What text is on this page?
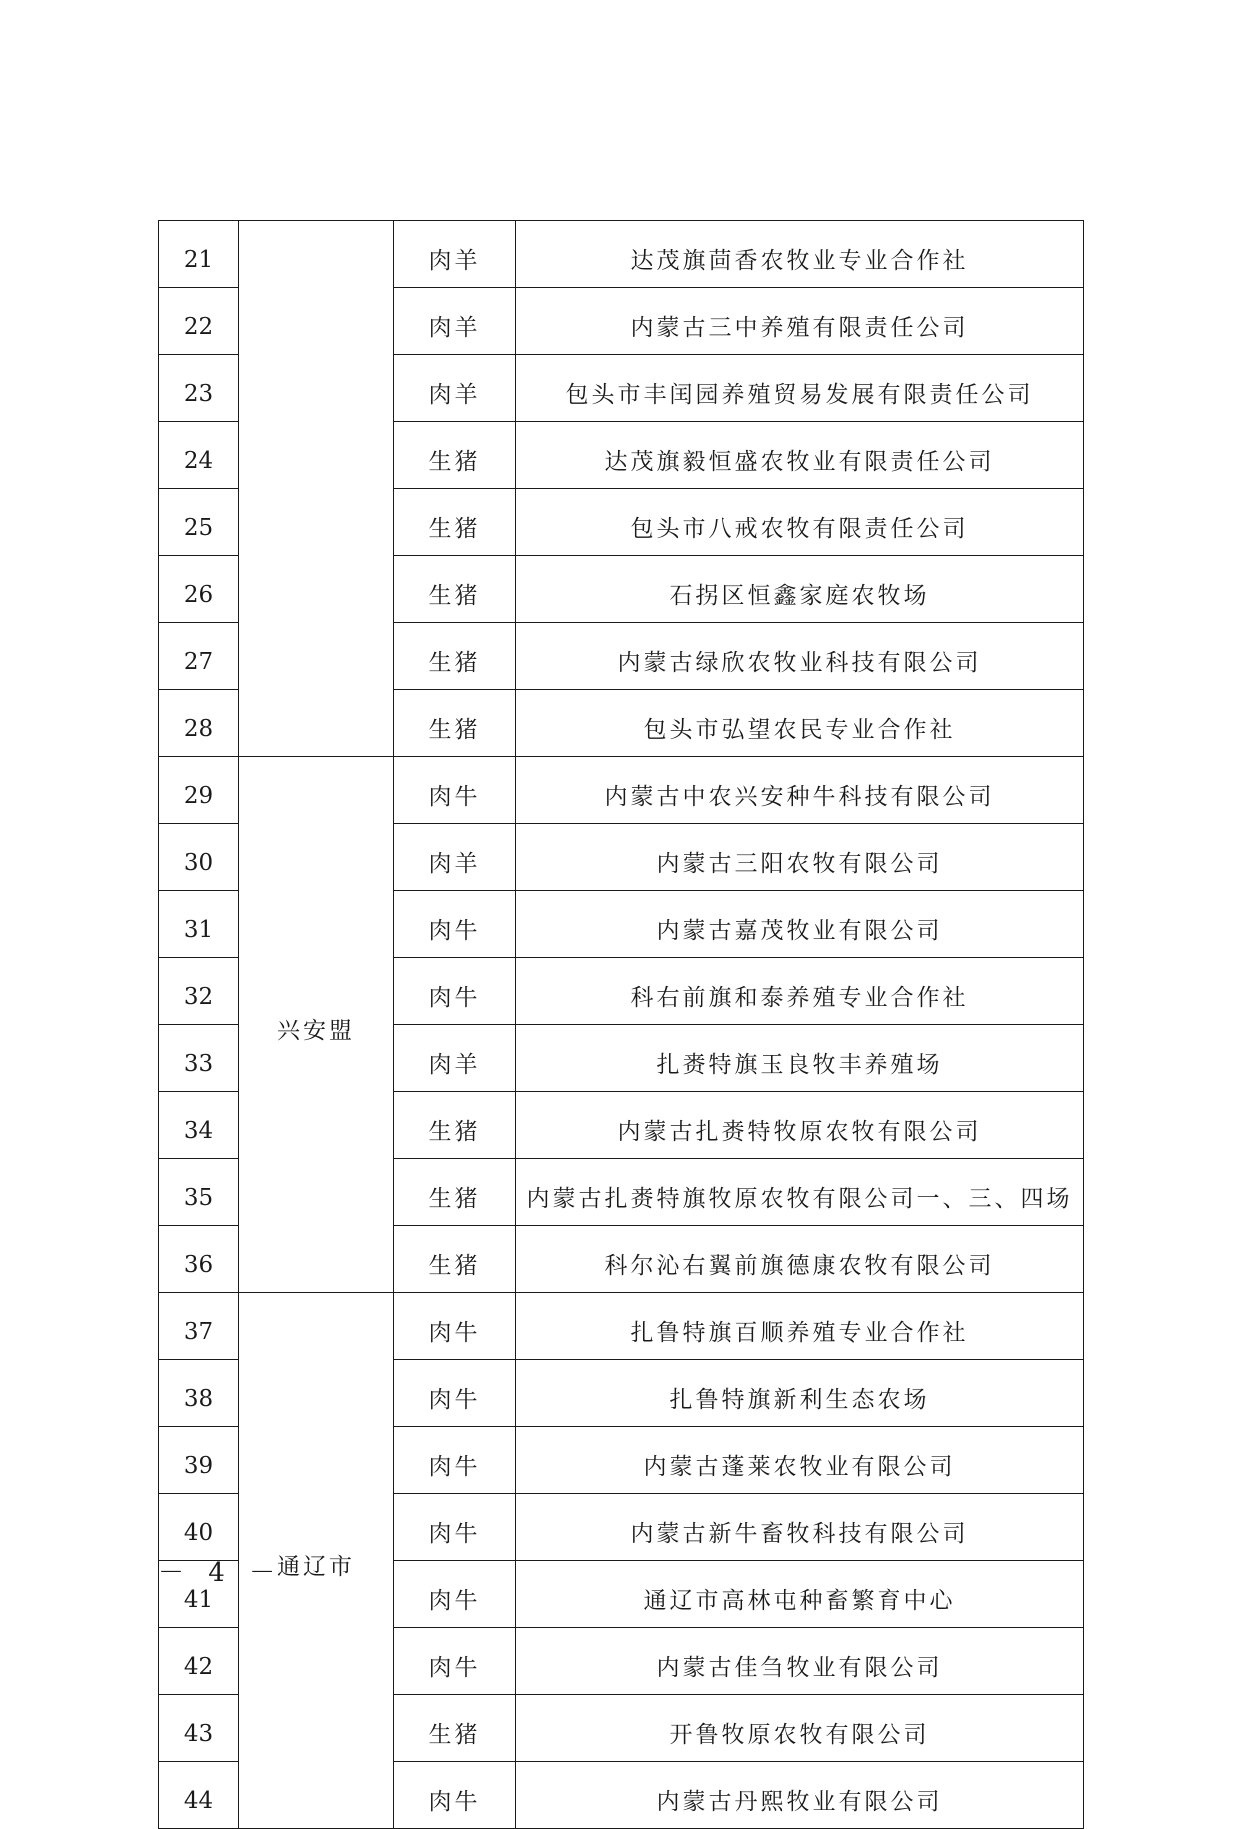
21		肉羊	达茂旗茴香农牧业专业合作社
22		肉羊	内蒙古三中养殖有限责任公司
23		肉羊	包头市丰闰园养殖贸易发展有限责任公司
24		生猪	达茂旗毅恒盛农牧业有限责任公司
25		生猪	包头市八戒农牧有限责任公司
26		生猪	石拐区恒鑫家庭农牧场
27		生猪	内蒙古绿欣农牧业科技有限公司
28		生猪	包头市弘望农民专业合作社
29	兴安盟	肉牛	内蒙古中农兴安种牛科技有限公司
30		肉羊	内蒙古三阳农牧有限公司
31		肉牛	内蒙古嘉茂牧业有限公司
32		肉牛	科右前旗和泰养殖专业合作社
33		肉羊	扎赉特旗玉良牧丰养殖场
34		生猪	内蒙古扎赉特牧原农牧有限公司
35		生猪	内蒙古扎赉特旗牧原农牧有限公司一、三、四场
36		生猪	科尔沁右翼前旗德康农牧有限公司
37	通辽市	肉牛	扎鲁特旗百顺养殖专业合作社
38		肉牛	扎鲁特旗新利生态农场
39		肉牛	内蒙古蓬莱农牧业有限公司
40		肉牛	内蒙古新牛畜牧科技有限公司
41		肉牛	通辽市高林屯种畜繁育中心
42		肉牛	内蒙古佳刍牧业有限公司
43		生猪	开鲁牧原农牧有限公司
44		肉牛	内蒙古丹熙牧业有限公司
－ 4 －
